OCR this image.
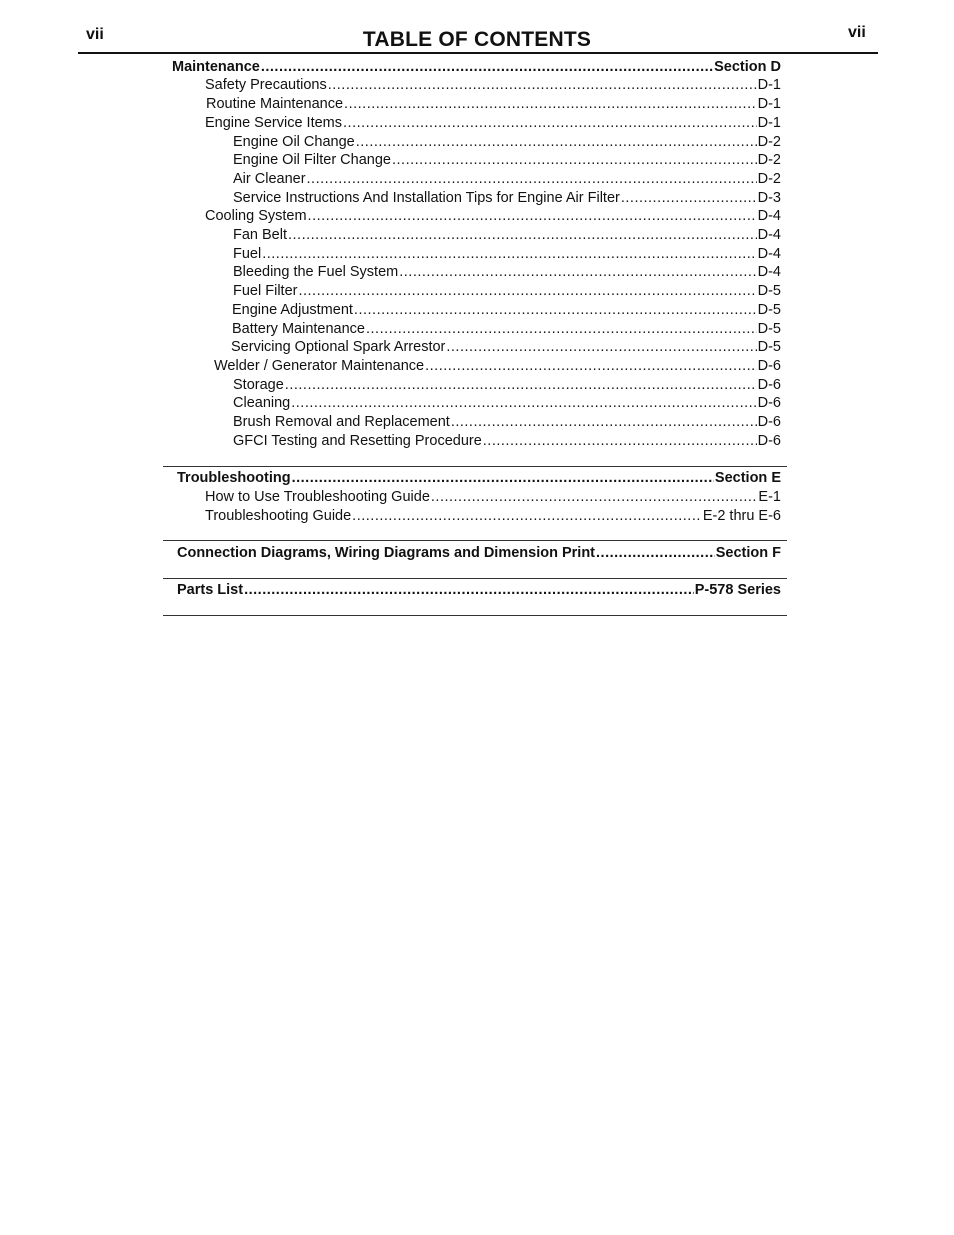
vii	TABLE OF CONTENTS	vii
Maintenance .....	Section D
Safety Precautions .....	D-1
Routine Maintenance .....	D-1
Engine Service Items .....	D-1
Engine Oil Change .....	D-2
Engine Oil Filter Change .....	D-2
Air Cleaner .....	D-2
Service Instructions And Installation Tips for Engine Air Filter .....	D-3
Cooling System .....	D-4
Fan Belt .....	D-4
Fuel .....	D-4
Bleeding the Fuel System .....	D-4
Fuel Filter .....	D-5
Engine Adjustment .....	D-5
Battery Maintenance .....	D-5
Servicing Optional Spark Arrestor .....	D-5
Welder / Generator Maintenance .....	D-6
Storage .....	D-6
Cleaning .....	D-6
Brush Removal and Replacement .....	D-6
GFCI Testing and Resetting Procedure .....	D-6
Troubleshooting .....	Section E
How to Use Troubleshooting Guide .....	E-1
Troubleshooting Guide .....	E-2 thru E-6
Connection Diagrams, Wiring Diagrams and Dimension Print .....	Section F
Parts List .....	P-578 Series
